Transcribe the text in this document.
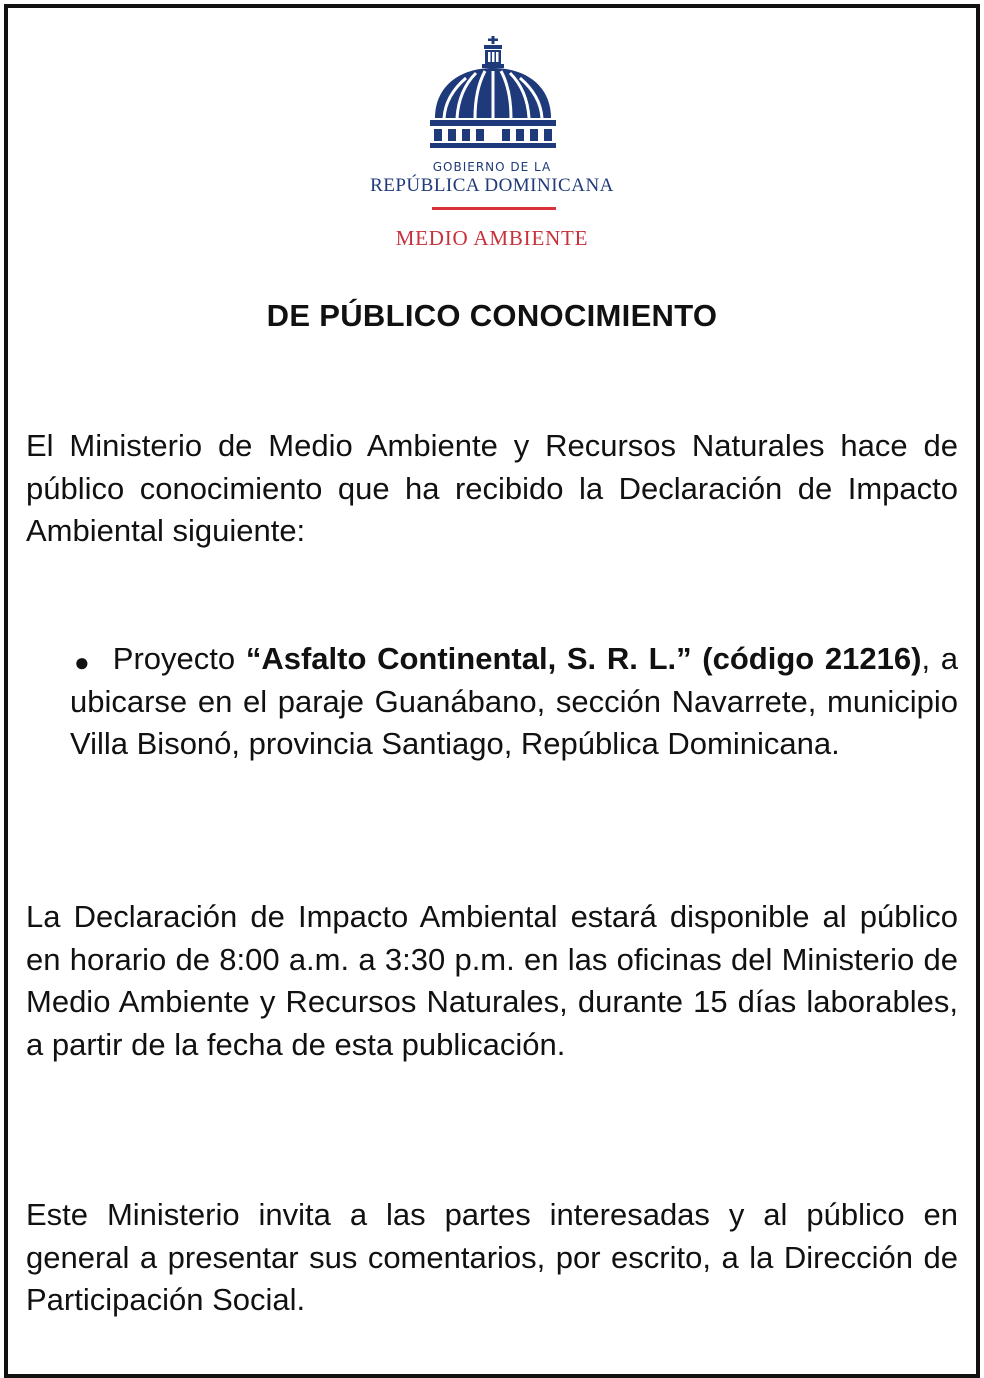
GOBIERNO DE LA
REPÚBLICA DOMINICANA
MEDIO AMBIENTE
DE PÚBLICO CONOCIMIENTO

El Ministerio de Medio Ambiente y Recursos Naturales hace de público conocimiento que ha recibido la Declaración de Impacto Ambiental siguiente:

● Proyecto “Asfalto Continental, S. R. L.” (código 21216), a ubicarse en el paraje Guanábano, sección Navarrete, municipio Villa Bisonó, provincia Santiago, República Dominicana.

La Declaración de Impacto Ambiental estará disponible al público en horario de 8:00 a.m. a 3:30 p.m. en las oficinas del Ministerio de Medio Ambiente y Recursos Naturales, durante 15 días laborables, a partir de la fecha de esta publicación.

Este Ministerio invita a las partes interesadas y al público en general a presentar sus comentarios, por escrito, a la Dirección de Participación Social.
